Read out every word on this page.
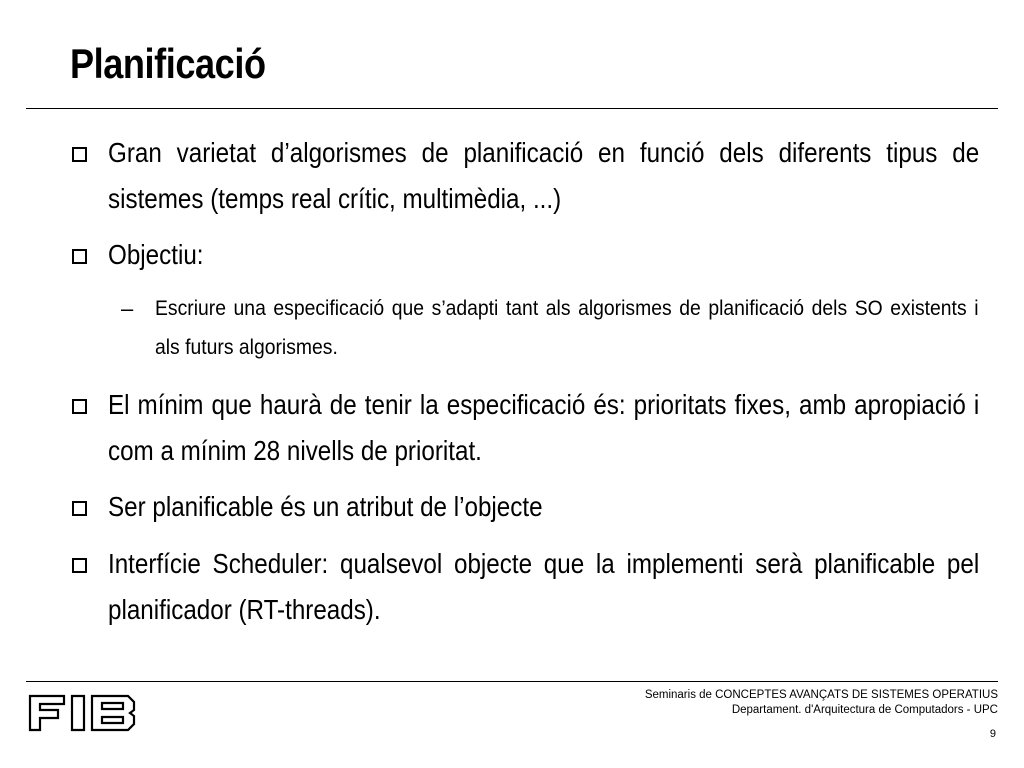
Planificació
Gran varietat d’algorismes de planificació en funció dels diferents tipus de sistemes (temps real crític, multimèdia, ...)
Objectiu:
– Escriure una especificació que s’adapti tant als algorismes de planificació dels SO existents i als futurs algorismes.
El mínim que haurà de tenir la especificació és: prioritats fixes, amb apropiació i com a mínim 28 nivells de prioritat.
Ser planificable és un atribut de l’objecte
Interfície Scheduler: qualsevol objecte que la implementi serà planificable pel planificador (RT-threads).
Seminaris de CONCEPTES AVANÇATS DE SISTEMES OPERATIUS
Departament. d'Arquitectura de Computadors - UPC
9
